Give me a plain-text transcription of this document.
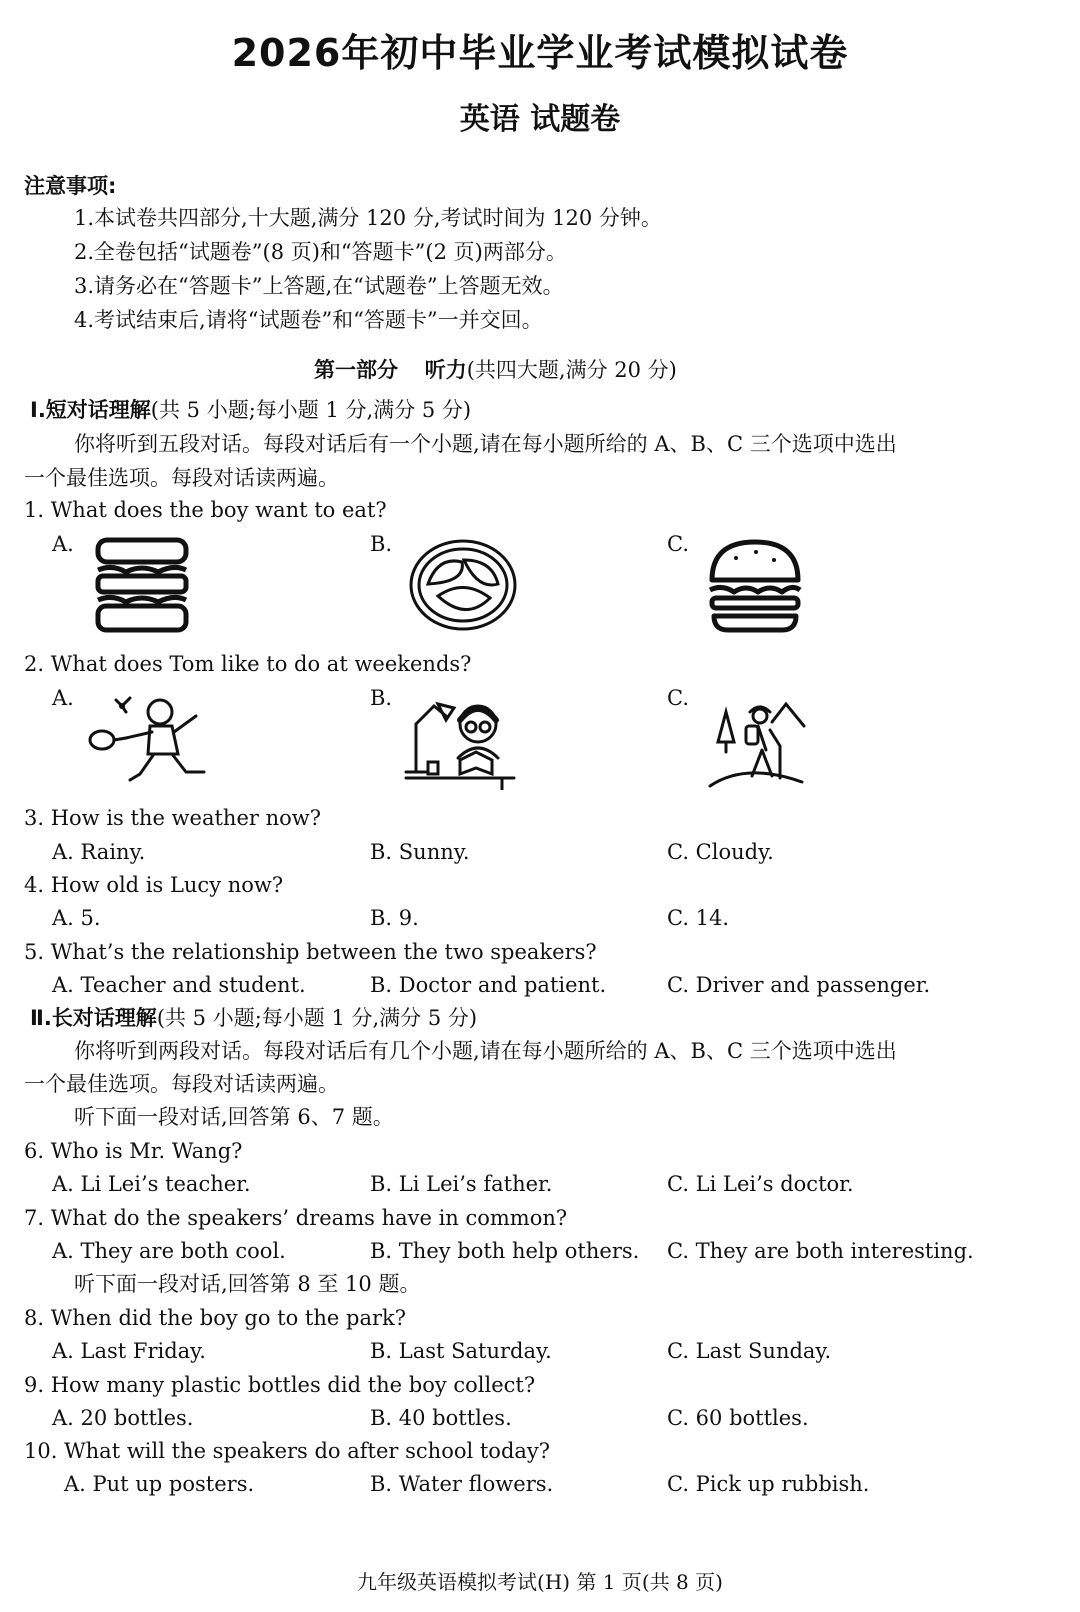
2026年初中毕业学业考试模拟试卷
英语 试题卷
注意事项:
1.本试卷共四部分,十大题,满分 120 分,考试时间为 120 分钟。
2.全卷包括“试题卷”(8 页)和“答题卡”(2 页)两部分。
3.请务必在“答题卡”上答题,在“试题卷”上答题无效。
4.考试结束后,请将“试题卷”和“答题卡”一并交回。
第一部分 听力(共四大题,满分 20 分)
Ⅰ.短对话理解(共 5 小题;每小题 1 分,满分 5 分)
你将听到五段对话。每段对话后有一个小题,请在每小题所给的 A、B、C 三个选项中选出
一个最佳选项。每段对话读两遍。
1. What does the boy want to eat?
A.	B.	C.
2. What does Tom like to do at weekends?
A.	B.	C.
3. How is the weather now?
A. Rainy.	B. Sunny.	C. Cloudy.
4. How old is Lucy now?
A. 5.	B. 9.	C. 14.
5. What’s the relationship between the two speakers?
A. Teacher and student.	B. Doctor and patient.	C. Driver and passenger.
Ⅱ.长对话理解(共 5 小题;每小题 1 分,满分 5 分)
你将听到两段对话。每段对话后有几个小题,请在每小题所给的 A、B、C 三个选项中选出
一个最佳选项。每段对话读两遍。
听下面一段对话,回答第 6、7 题。
6. Who is Mr. Wang?
A. Li Lei’s teacher.	B. Li Lei’s father.	C. Li Lei’s doctor.
7. What do the speakers’ dreams have in common?
A. They are both cool.	B. They both help others. C. They are both interesting.
听下面一段对话,回答第 8 至 10 题。
8. When did the boy go to the park?
A. Last Friday.	B. Last Saturday.	C. Last Sunday.
9. How many plastic bottles did the boy collect?
A. 20 bottles.	B. 40 bottles.	C. 60 bottles.
10. What will the speakers do after school today?
A. Put up posters.	B. Water flowers.	C. Pick up rubbish.
九年级英语模拟考试(H) 第 1 页(共 8 页)
